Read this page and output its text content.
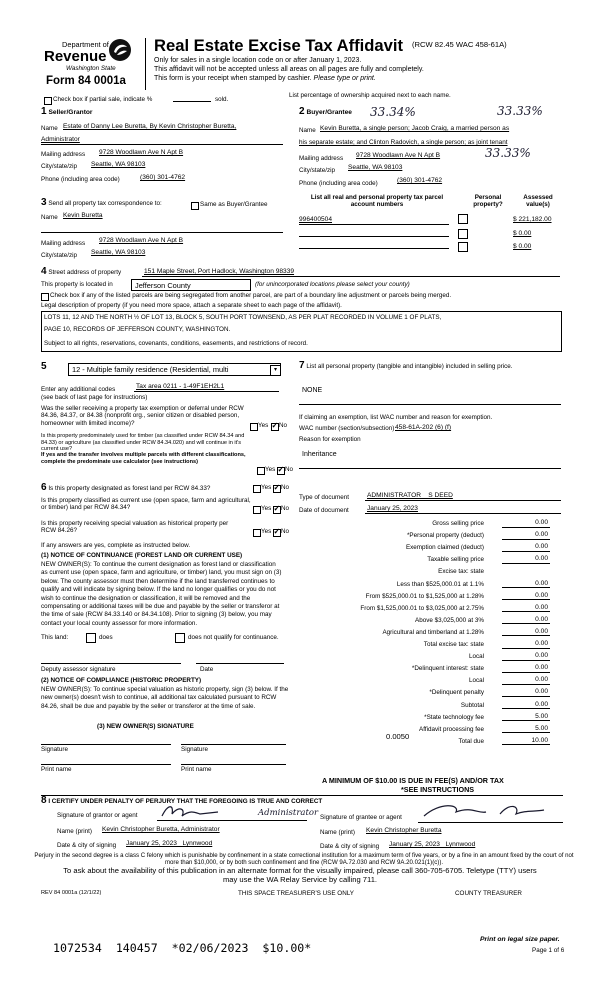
Department of
Revenue
Washington State
Form 84 0001a
Real Estate Excise Tax Affidavit (RCW 82.45 WAC 458-61A)
Only for sales in a single location code on or after January 1, 2023.
This affidavit will not be accepted unless all areas on all pages are fully and completely.
This form is your receipt when stamped by cashier. Please type or print.
Check box if partial sale, indicate %	sold.
List percentage of ownership acquired next to each name.
1 Seller/Grantor
Name Estate of Danny Lee Buretta, By Kevin Christopher Buretta,
Administrator
Mailing address 9728 Woodlawn Ave N Apt B
City/state/zip Seattle, WA 98103
Phone (including area code)	(360) 301-4762
2 Buyer/Grantee 33.34%	33.33%
Name Kevin Buretta, a single person; Jacob Craig, a married person as
his separate estate; and Clinton Radovich, a single person; as joint tenant
Mailing address 9728 Woodlawn Ave N Apt B	33.33%
City/state/zip Seattle, WA 98103
Phone (including area code)	(360) 301-4762
3 Send all property tax correspondence to:	Same as Buyer/Grantee
Name Kevin Buretta
Mailing address 9728 Woodlawn Ave N Apt B
City/state/zip Seattle, WA 98103
List all real and personal property tax parcel account numbers
Personal property?
Assessed value(s)
996400504	$ 221,182.00
$ 0.00
$ 0.00
4 Street address of property	151 Maple Street, Port Hadlock, Washington 98339
This property is located in	Jefferson County	(for unincorporated locations please select your county)
Check box if any of the listed parcels are being segregated from another parcel, are part of a boundary line adjustment or parcels being merged.
Legal description of property (if you need more space, attach a separate sheet to each page of the affidavit).
LOTS 11, 12 AND THE NORTH ½ OF LOT 13, BLOCK 5, SOUTH PORT TOWNSEND, AS PER PLAT RECORDED IN VOLUME 1 OF PLATS,
PAGE 10, RECORDS OF JEFFERSON COUNTY, WASHINGTON.
Subject to all rights, reservations, covenants, conditions, easements, and restrictions of record.
5	12 - Multiple family residence (Residential, multi	▾
Enter any additional codes	Tax area 0211 - 1-49F1EH2L1
(see back of last page for instructions)
Was the seller receiving a property tax exemption or deferral under RCW 84.36, 84.37, or 84.38 (nonprofit org., senior citizen or disabled person, homeowner with limited income)?	Yes ✓ No
Is this property predominately used for timber (as classified under RCW 84.34 and 84.33) or agriculture (as classified under RCW 84.34.020) and will continue in it's current use?
If yes and the transfer involves multiple parcels with different classifications, complete the predominate use calculator (see instructions)
Yes ✓ No
6 Is this property designated as forest land per RCW 84.33?	Yes ✓ No
Is this property classified as current use (open space, farm and agricultural, or timber) land per RCW 84.34?	Yes ✓ No
Is this property receiving special valuation as historical property per RCW 84.26?	Yes ✓ No
If any answers are yes, complete as instructed below.
(1) NOTICE OF CONTINUANCE (FOREST LAND OR CURRENT USE)
NEW OWNER(S): To continue the current designation as forest land or classification as current use (open space, farm and agriculture, or timber) land, you must sign on (3) below. The county assessor must then determine if the land transferred continues to qualify and will indicate by signing below. If the land no longer qualifies or you do not wish to continue the designation or classification, it will be removed and the compensating or additional taxes will be due and payable by the seller or transferor at the time of sale (RCW 84.33.140 or 84.34.108). Prior to signing (3) below, you may contact your local county assessor for more information.
This land:	does	does not qualify for continuance.
Deputy assessor signature	Date
(2) NOTICE OF COMPLIANCE (HISTORIC PROPERTY)
NEW OWNER(S): To continue special valuation as historic property, sign (3) below. If the new owner(s) doesn't wish to continue, all additional tax calculated pursuant to RCW 84.26, shall be due and payable by the seller or transferor at the time of sale.
(3) NEW OWNER(S) SIGNATURE
Signature	Signature
Print name	Print name
7 List all personal property (tangible and intangible) included in selling price.
NONE
If claiming an exemption, list WAC number and reason for exemption.
WAC number (section/subsection) 458-61A-202 (6) (f)
Reason for exemption
Inheritance
Type of document	ADMINISTRATOR    S DEED
Date of document	January 25, 2023
Gross selling price	0.00
*Personal property (deduct)	0.00
Exemption claimed (deduct)	0.00
Taxable selling price	0.00
Excise tax: state
Less than $525,000.01 at 1.1%	0.00
From $525,000.01 to $1,525,000 at 1.28%	0.00
From $1,525,000.01 to $3,025,000 at 2.75%	0.00
Above $3,025,000 at 3%	0.00
Agricultural and timberland at 1.28%	0.00
Total excise tax: state	0.00
Local	0.00
*Delinquent interest: state	0.00
Local	0.00
*Delinquent penalty	0.00
Subtotal	0.00
*State technology fee	5.00
Affidavit processing fee	5.00
Total due	10.00
0.0050
A MINIMUM OF $10.00 IS DUE IN FEE(S) AND/OR TAX
*SEE INSTRUCTIONS
8 I CERTIFY UNDER PENALTY OF PERJURY THAT THE FOREGOING IS TRUE AND CORRECT
Signature of grantor or agent	Administrator
Name (print) Kevin Christopher Buretta, Administrator
Date & city of signing January 25, 2023   Lynnwood
Signature of grantee or agent
Name (print) Kevin Christopher Buretta
Date & city of signing January 25, 2023   Lynnwood
Perjury in the second degree is a class C felony which is punishable by confinement in a state correctional institution for a maximum term of five years, or by a fine in an amount fixed by the court of not more than $10,000, or by both such confinement and fine (RCW 9A.72.030 and RCW 9A.20.021(1)(c)).
To ask about the availability of this publication in an alternate format for the visually impaired, please call 360-705-6705. Teletype (TTY) users may use the WA Relay Service by calling 711.
REV 84 0001a (12/1/22)	THIS SPACE TREASURER'S USE ONLY	COUNTY TREASURER
1072534  140457  *02/06/2023  $10.00*
Print on legal size paper.
Page 1 of 6
